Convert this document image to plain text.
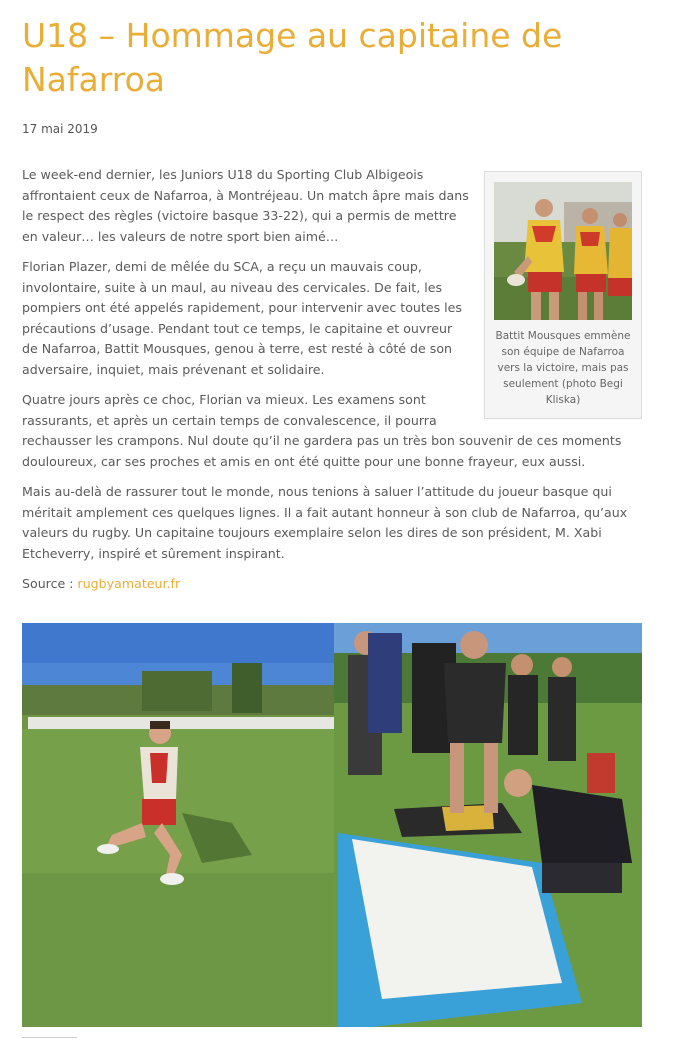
U18 – Hommage au capitaine de Nafarroa
17 mai 2019
Battit Mousques emmène son équipe de Nafarroa vers la victoire, mais pas seulement (photo Begi Kliska)

Le week-end dernier, les Juniors U18 du Sporting Club Albigeois affrontaient ceux de Nafarroa, à Montréjeau. Un match âpre mais dans le respect des règles (victoire basque 33-22), qui a permis de mettre en valeur… les valeurs de notre sport bien aimé…

Florian Plazer, demi de mêlée du SCA, a reçu un mauvais coup, involontaire, suite à un maul, au niveau des cervicales. De fait, les pompiers ont été appelés rapidement, pour intervenir avec toutes les précautions d’usage. Pendant tout ce temps, le capitaine et ouvreur de Nafarroa, Battit Mousques, genou à terre, est resté à côté de son adversaire, inquiet, mais prévenant et solidaire.

Quatre jours après ce choc, Florian va mieux. Les examens sont rassurants, et après un certain temps de convalescence, il pourra rechausser les crampons. Nul doute qu’il ne gardera pas un très bon souvenir de ces moments douloureux, car ses proches et amis en ont été quitte pour une bonne frayeur, eux aussi.

Mais au-delà de rassurer tout le monde, nous tenions à saluer l’attitude du joueur basque qui méritait amplement ces quelques lignes. Il a fait autant honneur à son club de Nafarroa, qu’aux valeurs du rugby. Un capitaine toujours exemplaire selon les dires de son président, M. Xabi Etcheverry, inspiré et sûrement inspirant.

Source : rugbyamateur.fr
